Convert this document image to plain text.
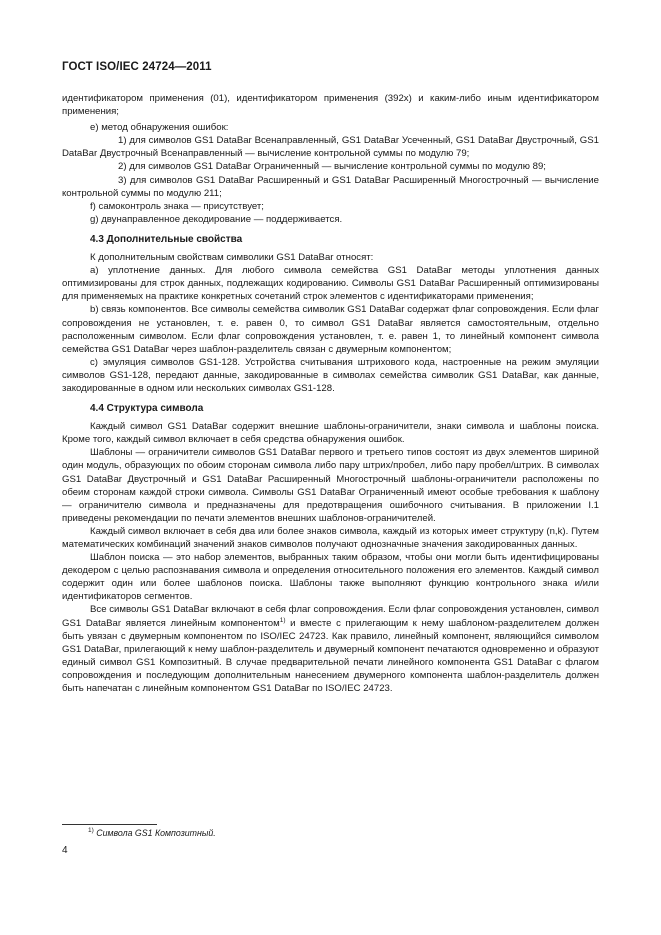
ГОСТ ISO/IEC 24724—2011

идентификатором применения (01), идентификатором применения (392х) и каким-либо иным идентификатором применения;

e) метод обнаружения ошибок:

1) для символов GS1 DataBar Всенаправленный, GS1 DataBar Усеченный, GS1 DataBar Двустрочный, GS1 DataBar Двустрочный Всенаправленный — вычисление контрольной суммы по модулю 79;

2) для символов GS1 DataBar Ограниченный — вычисление контрольной суммы по модулю 89;

3) для символов GS1 DataBar Расширенный и GS1 DataBar Расширенный Многострочный — вычисление контрольной суммы по модулю 211;

f) самоконтроль знака — присутствует;

g) двунаправленное декодирование — поддерживается.

4.3 Дополнительные свойства

К дополнительным свойствам символики GS1 DataBar относят:

a) уплотнение данных. Для любого символа семейства GS1 DataBar методы уплотнения данных оптимизированы для строк данных, подлежащих кодированию. Символы GS1 DataBar Расширенный оптимизированы для применяемых на практике конкретных сочетаний строк элементов с идентификаторами применения;

b) связь компонентов. Все символы семейства символик GS1 DataBar содержат флаг сопровождения. Если флаг сопровождения не установлен, т. е. равен 0, то символ GS1 DataBar является самостоятельным, отдельно расположенным символом. Если флаг сопровождения установлен, т. е. равен 1, то линейный компонент символа семейства GS1 DataBar через шаблон-разделитель связан с двумерным компонентом;

c) эмуляция символов GS1-128. Устройства считывания штрихового кода, настроенные на режим эмуляции символов GS1-128, передают данные, закодированные в символах семейства символик GS1 DataBar, как данные, закодированные в одном или нескольких символах GS1-128.

4.4 Структура символа

Каждый символ GS1 DataBar содержит внешние шаблоны-ограничители, знаки символа и шаблоны поиска. Кроме того, каждый символ включает в себя средства обнаружения ошибок.

Шаблоны — ограничители символов GS1 DataBar первого и третьего типов состоят из двух элементов шириной один модуль, образующих по обоим сторонам символа либо пару штрих/пробел, либо пару пробел/штрих. В символах GS1 DataBar Двустрочный и GS1 DataBar Расширенный Многострочный шаблоны-ограничители расположены по обеим сторонам каждой строки символа. Символы GS1 DataBar Ограниченный имеют особые требования к шаблону — ограничителю символа и предназначены для предотвращения ошибочного считывания. В приложении I.1 приведены рекомендации по печати элементов внешних шаблонов-ограничителей.

Каждый символ включает в себя два или более знаков символа, каждый из которых имеет структуру (n,k). Путем математических комбинаций значений знаков символов получают однозначные значения закодированных данных.

Шаблон поиска — это набор элементов, выбранных таким образом, чтобы они могли быть идентифицированы декодером с целью распознавания символа и определения относительного положения его элементов. Каждый символ содержит один или более шаблонов поиска. Шаблоны также выполняют функцию контрольного знака и/или идентификаторов сегментов.

Все символы GS1 DataBar включают в себя флаг сопровождения. Если флаг сопровождения установлен, символ GS1 DataBar является линейным компонентом$^{1)}$ и вместе с прилегающим к нему шаблоном-разделителем должен быть увязан с двумерным компонентом по ISO/IEC 24723. Как правило, линейный компонент, являющийся символом GS1 DataBar, прилегающий к нему шаблон-разделитель и двумерный компонент печатаются одновременно и образуют единый символ GS1 Композитный. В случае предварительной печати линейного компонента GS1 DataBar с флагом сопровождения и последующим дополнительным нанесением двумерного компонента шаблон-разделитель должен быть напечатан с линейным компонентом GS1 DataBar по ISO/IEC 24723.

$^{1)}$ Символа GS1 Композитный.
4
